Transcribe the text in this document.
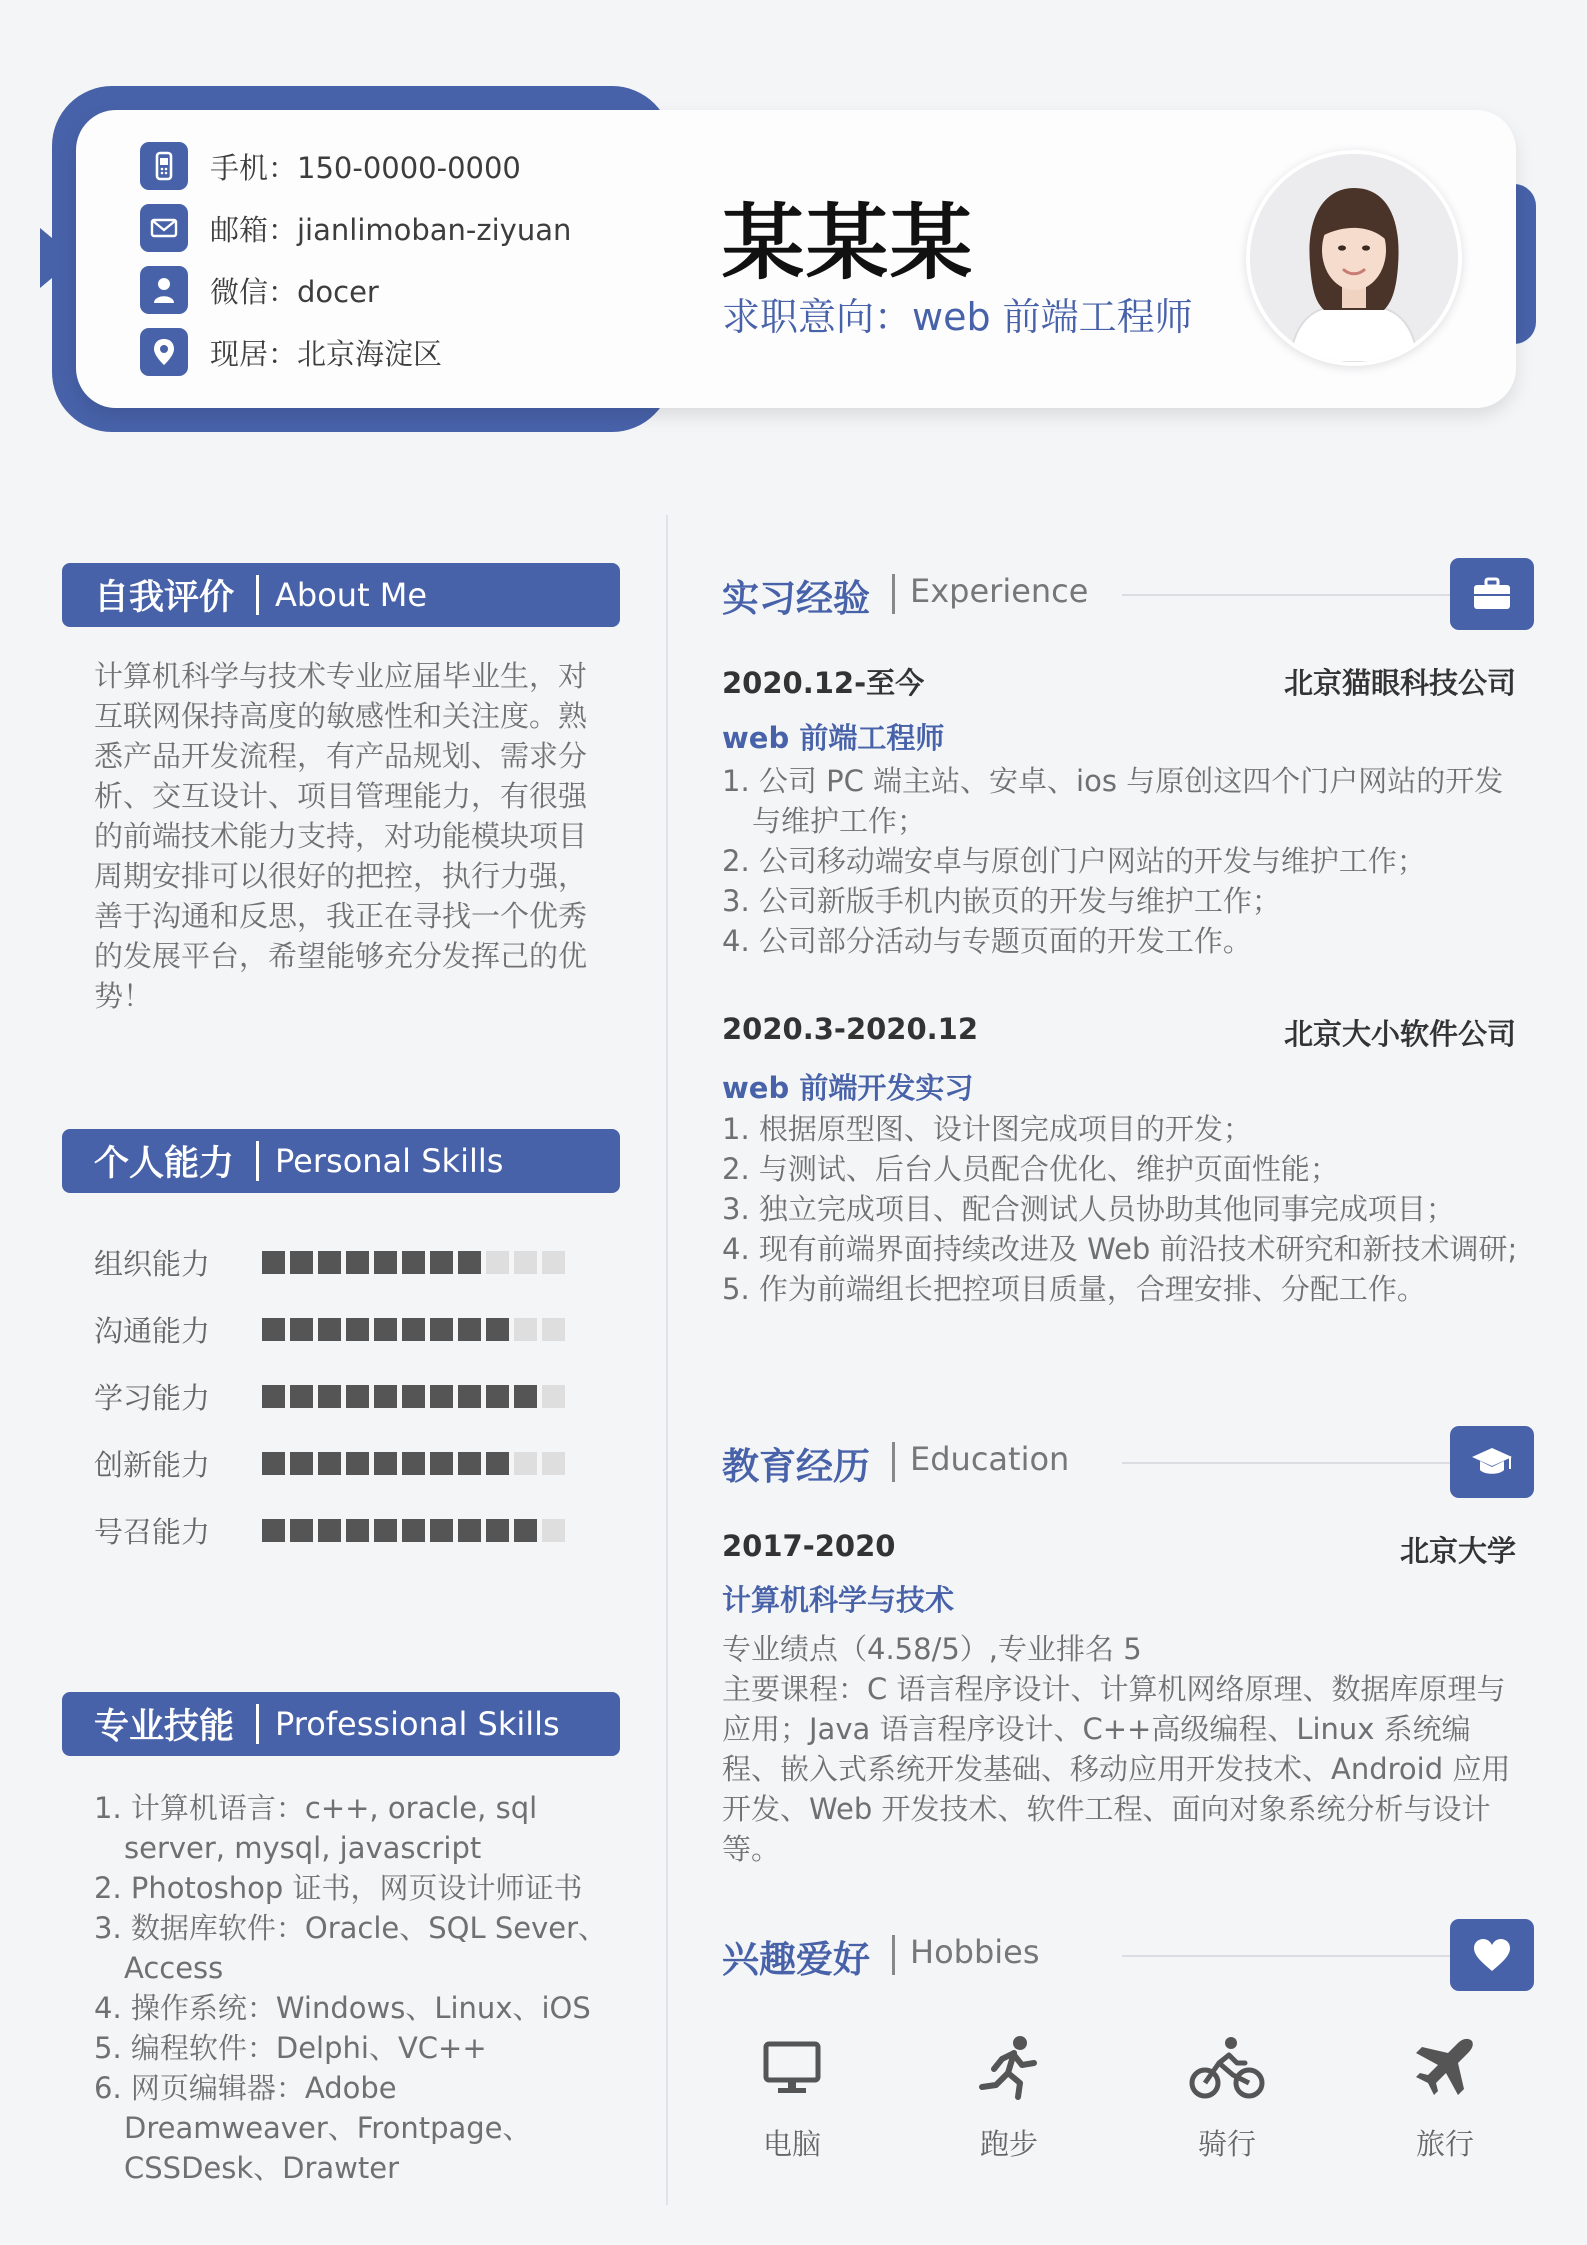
手机：150-0000-0000
邮箱：jianlimoban-ziyuan
微信：docer
现居：北京海淀区
某某某
求职意向：web 前端工程师
自我评价 About Me
计算机科学与技术专业应届毕业生，对互联网保持高度的敏感性和关注度。熟悉产品开发流程，有产品规划、需求分析、交互设计、项目管理能力，有很强的前端技术能力支持，对功能模块项目周期安排可以很好的把控，执行力强，善于沟通和反思，我正在寻找一个优秀的发展平台，希望能够充分发挥己的优势！
个人能力 Personal Skills
组织能力
沟通能力
学习能力
创新能力
号召能力
专业技能 Professional Skills
1. 计算机语言：c++, oracle, sql server, mysql, javascript
2. Photoshop 证书，网页设计师证书
3. 数据库软件：Oracle、SQL Sever、Access
4. 操作系统：Windows、Linux、iOS
5. 编程软件：Delphi、VC++
6. 网页编辑器：Adobe Dreamweaver、Frontpage、CSSDesk、Drawter
实习经验 Experience
2020.12-至今	北京猫眼科技公司
web 前端工程师
1. 公司 PC 端主站、安卓、ios 与原创这四个门户网站的开发与维护工作；
2. 公司移动端安卓与原创门户网站的开发与维护工作；
3. 公司新版手机内嵌页的开发与维护工作；
4. 公司部分活动与专题页面的开发工作。
2020.3-2020.12	北京大小软件公司
web 前端开发实习
1. 根据原型图、设计图完成项目的开发；
2. 与测试、后台人员配合优化、维护页面性能；
3. 独立完成项目、配合测试人员协助其他同事完成项目；
4. 现有前端界面持续改进及 Web 前沿技术研究和新技术调研;
5. 作为前端组长把控项目质量，合理安排、分配工作。
教育经历 Education
2017-2020	北京大学
计算机科学与技术
专业绩点（4.58/5）,专业排名 5
主要课程：C 语言程序设计、计算机网络原理、数据库原理与应用；Java 语言程序设计、C++高级编程、Linux 系统编程、嵌入式系统开发基础、移动应用开发技术、Android 应用开发、Web 开发技术、软件工程、面向对象系统分析与设计等。
兴趣爱好 Hobbies
电脑	跑步	骑行	旅行
